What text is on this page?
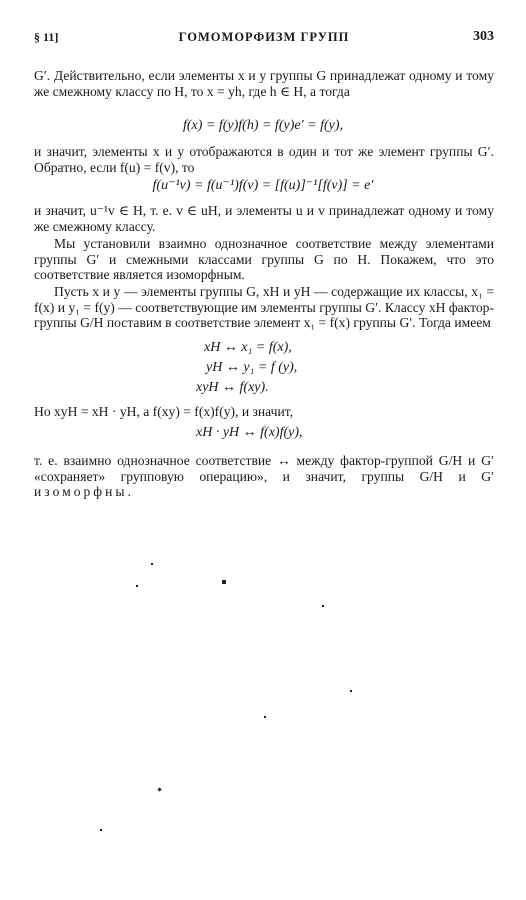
§ 11]	ГОМОМОРФИЗМ ГРУПП	303

G′. Действительно, если элементы x и y группы G принадлежат одному и тому же смежному классу по H, то x = yh, где h ∈ H, а тогда

f(x) = f(y)f(h) = f(y)e′ = f(y),

и значит, элементы x и y отображаются в один и тот же элемент группы G′. Обратно, если f(u) = f(v), то

f(u⁻¹v) = f(u⁻¹)f(v) = [f(u)]⁻¹[f(v)] = e′

и значит, u⁻¹v ∈ H, т. е. v ∈ uH, и элементы u и v принадлежат одному и тому же смежному классу.

Мы установили взаимно однозначное соответствие между элементами группы G′ и смежными классами группы G по H. Покажем, что это соответствие является изоморфным.

Пусть x и y — элементы группы G, xH и yH — содержащие их классы, x₁ = f(x) и y₁ = f(y) — соответствующие им элементы группы G′. Классу xH фактор-группы G/H поставим в соответствие элемент x₁ = f(x) группы G′. Тогда имеем

xH ↔ x₁ = f(x),
yH ↔ y₁ = f (y),
xyH ↔ f(xy).

Но xyH = xH · yH, а f(xy) = f(x)f(y), и значит,

xH · yH ↔ f(x)f(y),

т. е. взаимно однозначное соответствие ↔ между фактор-группой G/H и G′ «сохраняет» групповую операцию», и значит, группы G/H и G′ изоморфны.
